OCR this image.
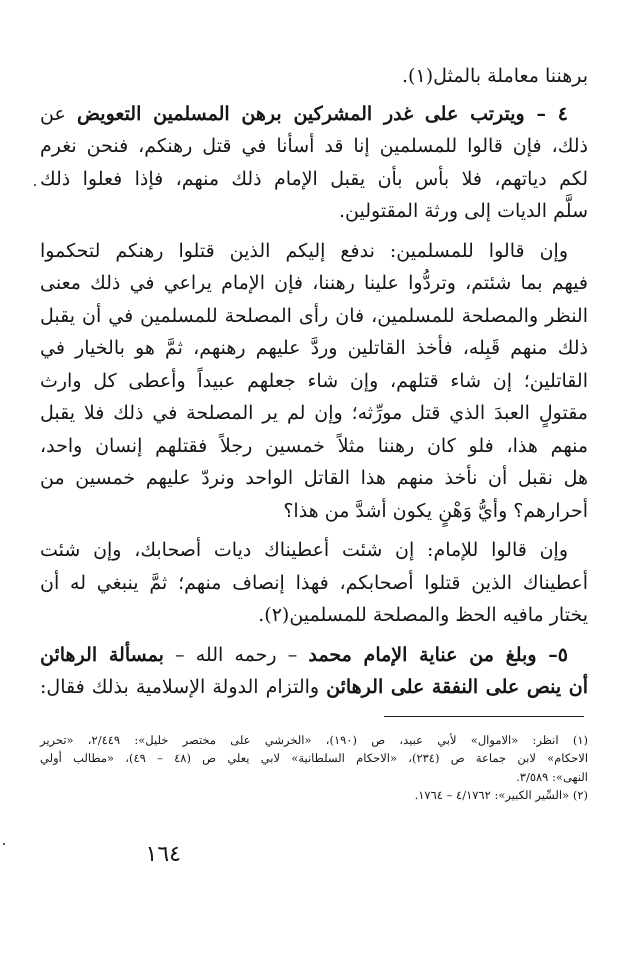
برهننا معاملة بالمثل(١).
٤ – ويترتب على غدر المشركين برهن المسلمين التعويض عن
ذلك، فإن قالوا للمسلمين إنا قد أسأنا في قتل رهنكم، فنحن نغرم
لكم دياتهم، فلا بأس بأن يقبل الإمام ذلك منهم، فإذا فعلوا ذلك
سلَّم الديات إلى ورثة المقتولين.
وإن قالوا للمسلمين: ندفع إليكم الذين قتلوا رهنكم لتحكموا
فيهم بما شئتم، وتردُّوا علينا رهننا، فإن الإمام يراعي في ذلك معنى
النظر والمصلحة للمسلمين، فان رأى المصلحة للمسلمين في أن يقبل
ذلك منهم قَبِله، فأخذ القاتلين وردَّ عليهم رهنهم، ثمَّ هو بالخيار في
القاتلين؛ إن شاء قتلهم، وإن شاء جعلهم عبيداً وأعطى كل وارث
مقتولٍ العبدَ الذي قتل مورِّثه؛ وإن لم ير المصلحة في ذلك فلا يقبل
منهم هذا، فلو كان رهننا مثلاً خمسين رجلاً فقتلهم إنسان واحد،
هل نقبل أن نأخذ منهم هذا القاتل الواحد ونردّ عليهم خمسين من
أحرارهم؟ وأيُّ وَهْنٍ يكون أشدَّ من هذا؟
وإن قالوا للإمام: إن شئت أعطيناك ديات أصحابك، وإن شئت
أعطيناك الذين قتلوا أصحابكم، فهذا إنصاف منهم؛ ثمَّ ينبغي له أن
يختار مافيه الحظ والمصلحة للمسلمين(٢).
٥– وبلغ من عناية الإمام محمد – رحمه الله – بمسألة الرهائن
أن ينص على النفقة على الرهائن والتزام الدولة الإسلامية بذلك فقال:
(١) انظر: «الاموال» لأبي عبيد، ص (١٩٠)، «الخرشي على مختصر خليل»: ٢/٤٤٩، «تحرير
الاحكام» لابن جماعة ص (٢٣٤)، «الاحكام السلطانية» لابي يعلي ص (٤٨ – ٤٩)، «مطالب أولي
النهى»: ٣/٥٨٩.
(٢) «السِّير الكبير»: ٤/١٧٦٢ – ١٧٦٤.
١٦٤
